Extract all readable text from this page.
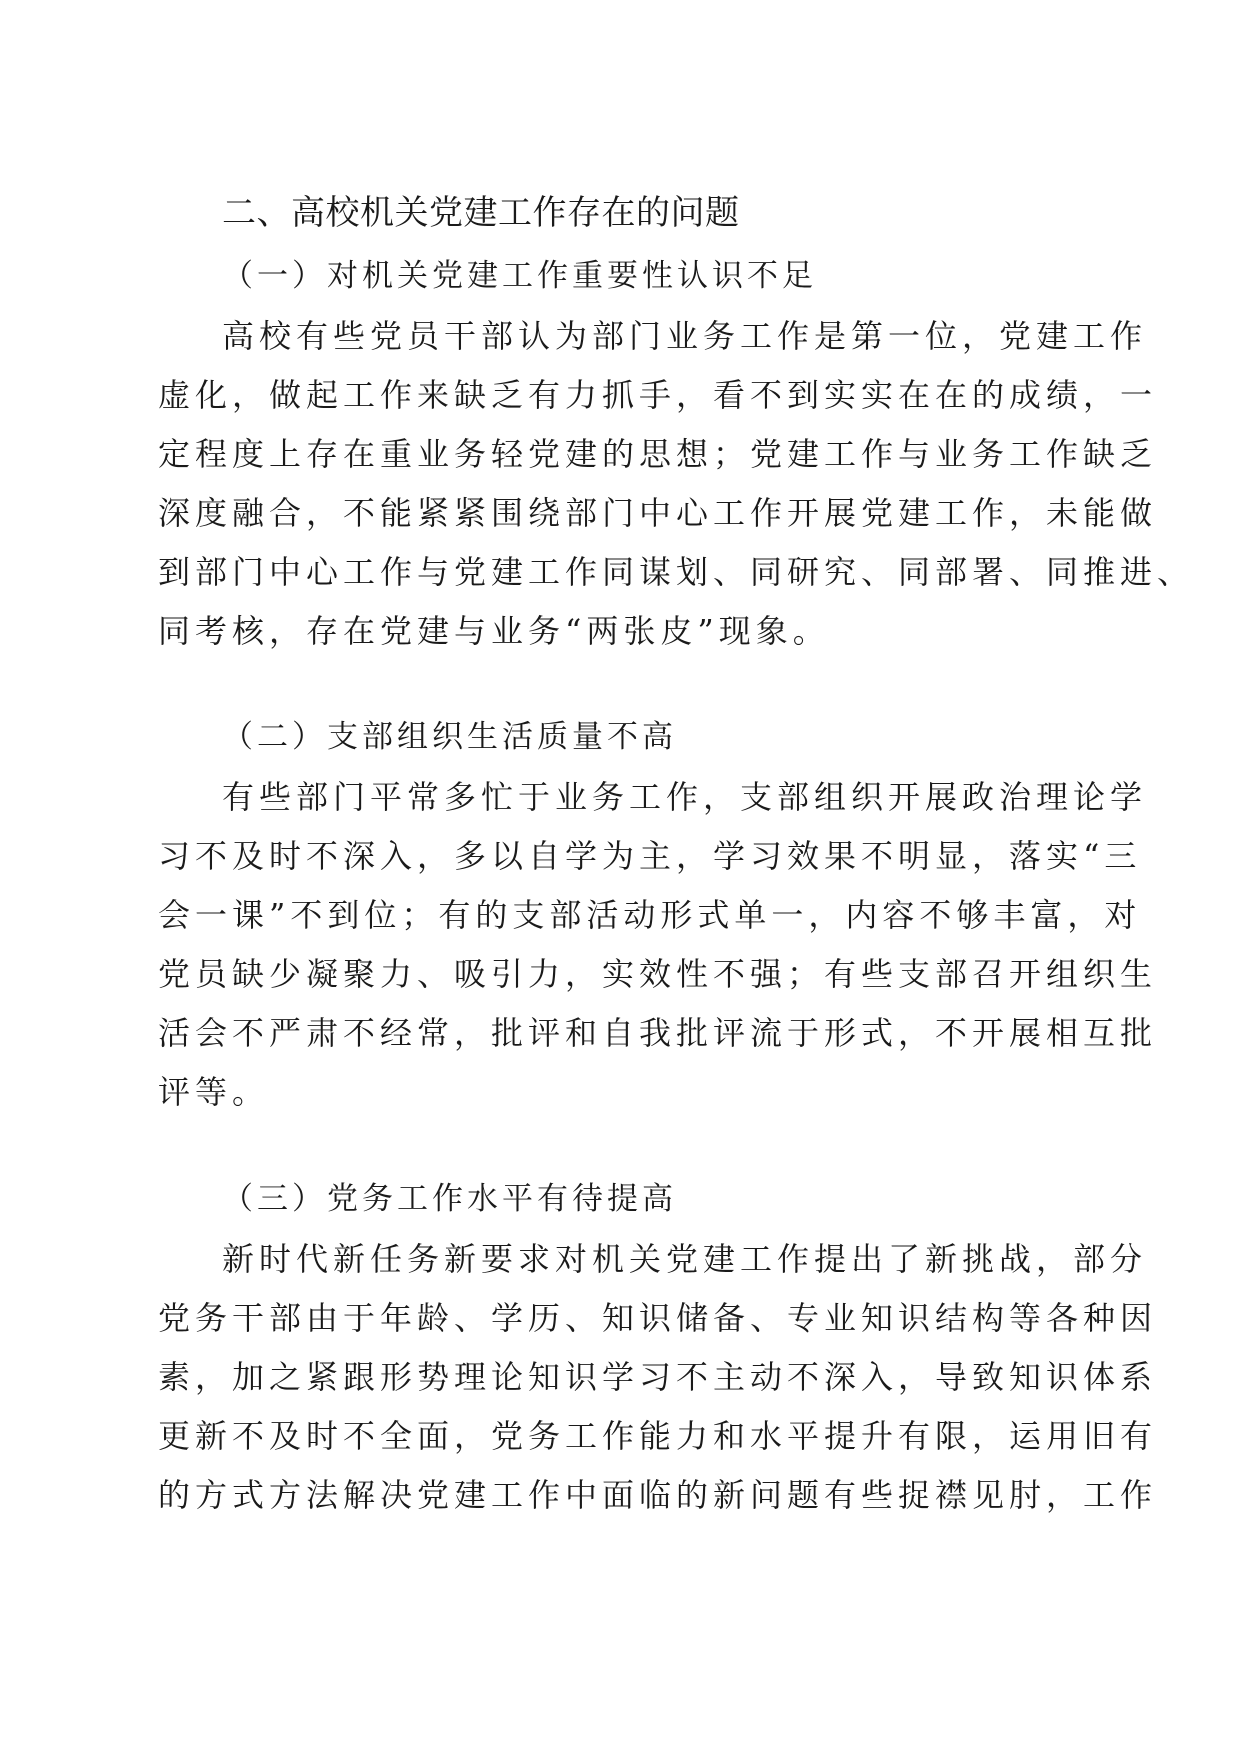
二、高校机关党建工作存在的问题
（一）对机关党建工作重要性认识不足
高校有些党员干部认为部门业务工作是第一位，党建工作
虚化，做起工作来缺乏有力抓手，看不到实实在在的成绩，一
定程度上存在重业务轻党建的思想；党建工作与业务工作缺乏
深度融合，不能紧紧围绕部门中心工作开展党建工作，未能做
到部门中心工作与党建工作同谋划、同研究、同部署、同推进、
同考核，存在党建与业务“两张皮”现象。
（二）支部组织生活质量不高
有些部门平常多忙于业务工作，支部组织开展政治理论学
习不及时不深入，多以自学为主，学习效果不明显，落实“三
会一课”不到位；有的支部活动形式单一，内容不够丰富，对
党员缺少凝聚力、吸引力，实效性不强；有些支部召开组织生
活会不严肃不经常，批评和自我批评流于形式，不开展相互批
评等。
（三）党务工作水平有待提高
新时代新任务新要求对机关党建工作提出了新挑战，部分
党务干部由于年龄、学历、知识储备、专业知识结构等各种因
素，加之紧跟形势理论知识学习不主动不深入，导致知识体系
更新不及时不全面，党务工作能力和水平提升有限，运用旧有
的方式方法解决党建工作中面临的新问题有些捉襟见肘，工作
